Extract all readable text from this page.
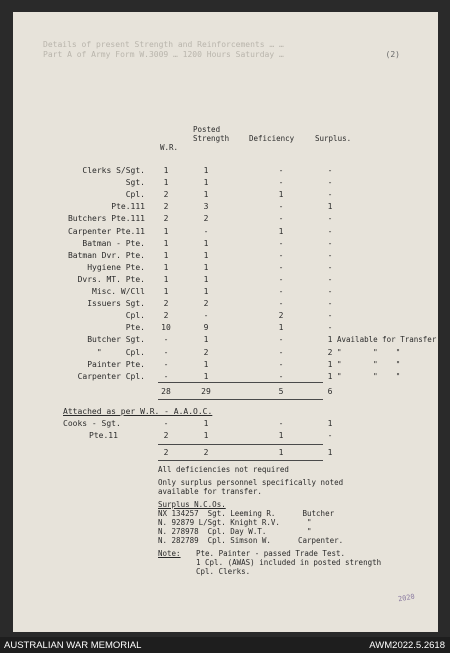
Details of present Strength and Reinforcements … …
Part A of Army Form W.3009 … 1200 Hours Saturday …	(2)
W.R.
Posted
Strength	Deficiency	Surplus.
Clerks S/Sgt.	1	1	-	-
Sgt.	1	1	-	-
Cpl.	2	1	1	-
Pte.111	2	3	-	1
Butchers Pte.111	2	2	-	-
Carpenter Pte.11	1	-	1	-
Batman - Pte.	1	1	-	-
Batman Dvr. Pte.	1	1	-	-
Hygiene Pte.	1	1	-	-
Dvrs. MT. Pte.	1	1	-	-
Misc. W/Cll	1	1	-	-
Issuers Sgt.	2	2	-	-
Cpl.	2	-	2	-
Pte. 10	9	1	-
Butcher Sgt.	-	1	-	1 Available for Transfer
"     Cpl.	-	2	-	2 "       "    "
Painter Pte.	-	1	-	1 "       "    "
Carpenter Cpl.	-	1	-	1 "       "    "
28	29	5	6
Attached as per W.R. - A.A.O.C.
Cooks - Sgt.	-	1	-	1
Pte.11	2	1	1	-
2	2	1	1
All deficiencies not required
Only surplus personnel specifically noted
available for transfer.
Surplus N.C.Os.
NX 134257  Sgt. Leeming R.      Butcher
N. 92879 L/Sgt. Knight R.V.      "
N. 278978  Cpl. Day W.T.         "
N. 282789  Cpl. Simson W.      Carpenter.
Note: Pte. Painter - passed Trade Test.
1 Cpl. (AWAS) included in posted strength
Cpl. Clerks.
2020
AUSTRALIAN WAR MEMORIAL	AWM2022.5.2618
